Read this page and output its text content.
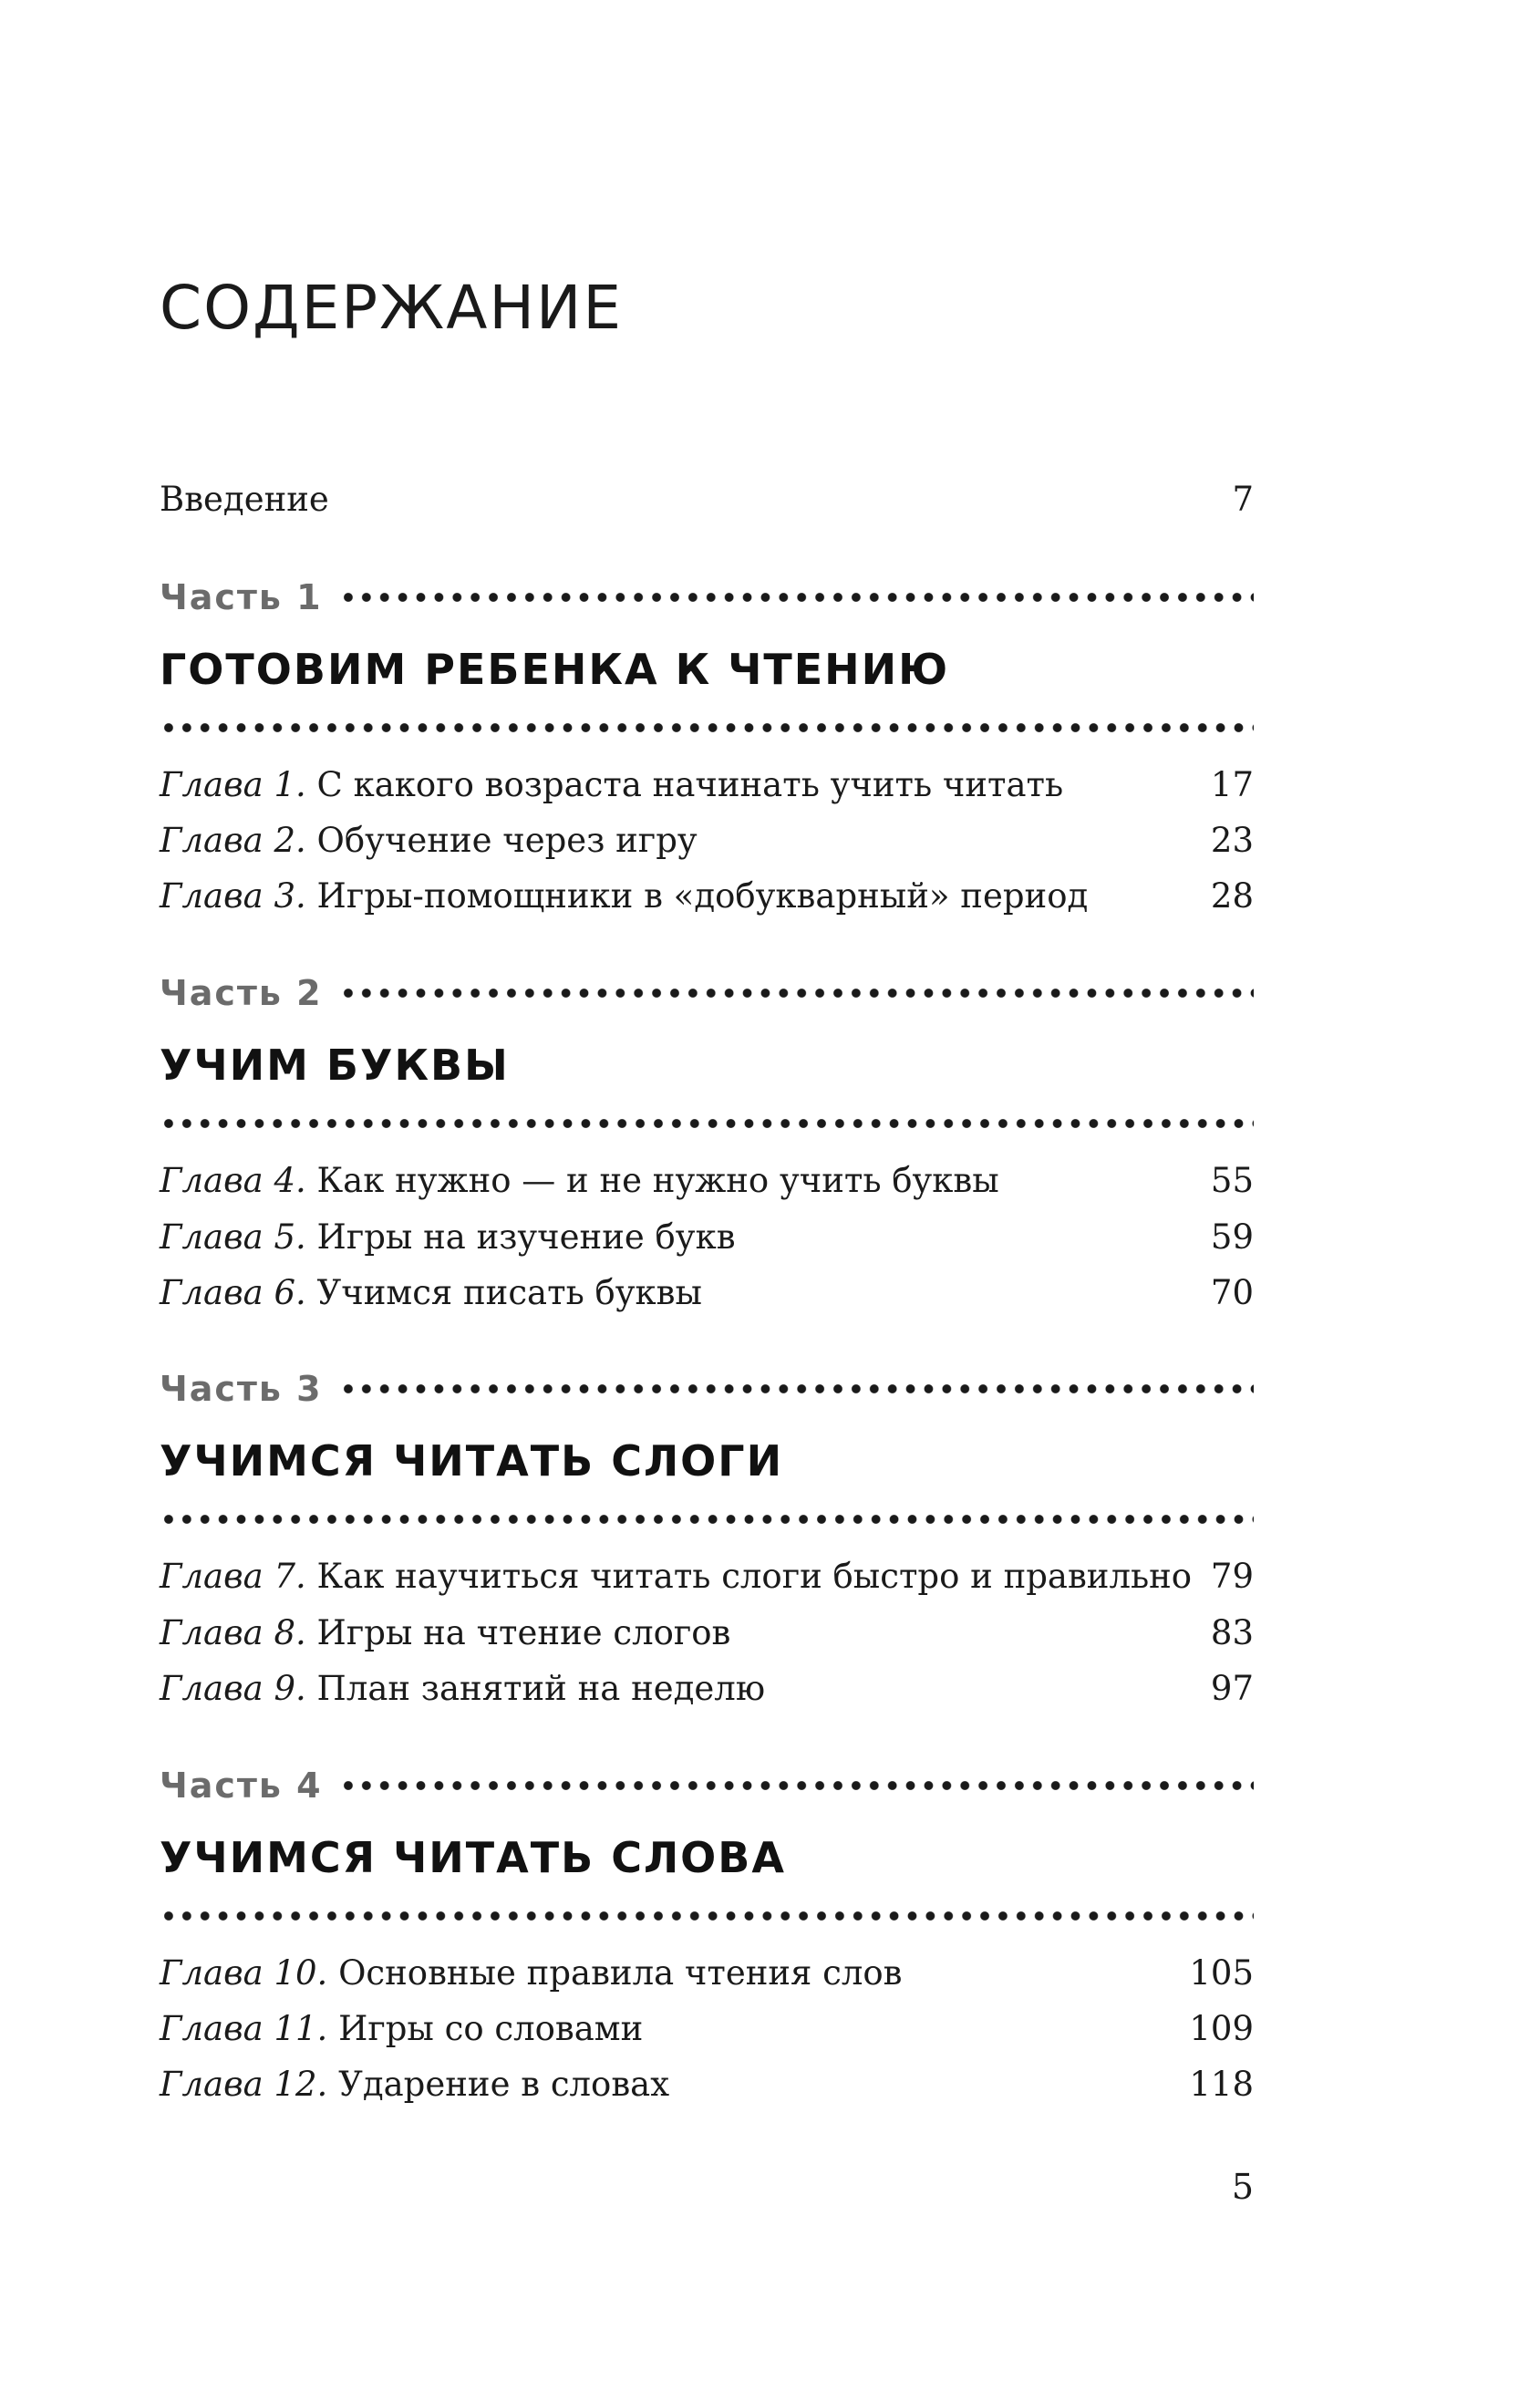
СОДЕРЖАНИЕ
Введение	7
Часть 1
ГОТОВИМ РЕБЕНКА К ЧТЕНИЮ
Глава 1. С какого возраста начинать учить читать	17
Глава 2. Обучение через игру	23
Глава 3. Игры-помощники в «добукварный» период	28
Часть 2
УЧИМ БУКВЫ
Глава 4. Как нужно — и не нужно учить буквы	55
Глава 5. Игры на изучение букв	59
Глава 6. Учимся писать буквы	70
Часть 3
УЧИМСЯ ЧИТАТЬ СЛОГИ
Глава 7. Как научиться читать слоги быстро и правильно 79
Глава 8. Игры на чтение слогов	83
Глава 9. План занятий на неделю	97
Часть 4
УЧИМСЯ ЧИТАТЬ СЛОВА
Глава 10. Основные правила чтения слов	105
Глава 11. Игры со словами	109
Глава 12. Ударение в словах	118
5
